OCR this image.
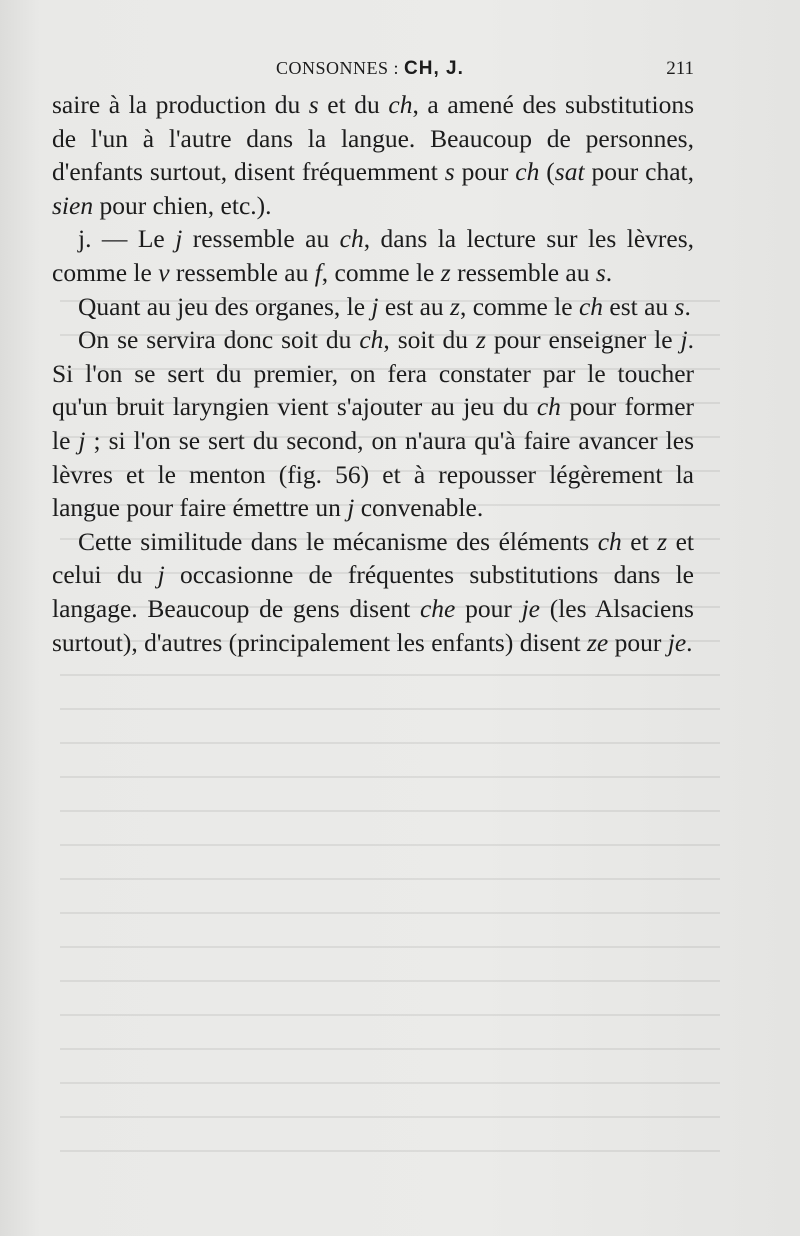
CONSONNES : CH, J.	211

saire à la production du s et du ch, a amené des substitutions de l'un à l'autre dans la langue. Beaucoup de personnes, d'enfants surtout, disent fréquemment s pour ch (sat pour chat, sien pour chien, etc.).

j. — Le j ressemble au ch, dans la lecture sur les lèvres, comme le v ressemble au f, comme le z ressemble au s.

Quant au jeu des organes, le j est au z, comme le ch est au s.

On se servira donc soit du ch, soit du z pour enseigner le j. Si l'on se sert du premier, on fera constater par le toucher qu'un bruit laryngien vient s'ajouter au jeu du ch pour former le j ; si l'on se sert du second, on n'aura qu'à faire avancer les lèvres et le menton (fig. 56) et à repousser légèrement la langue pour faire émettre un j convenable.

Cette similitude dans le mécanisme des éléments ch et z et celui du j occasionne de fréquentes substitutions dans le langage. Beaucoup de gens disent che pour je (les Alsaciens surtout), d'autres (principalement les enfants) disent ze pour je.
